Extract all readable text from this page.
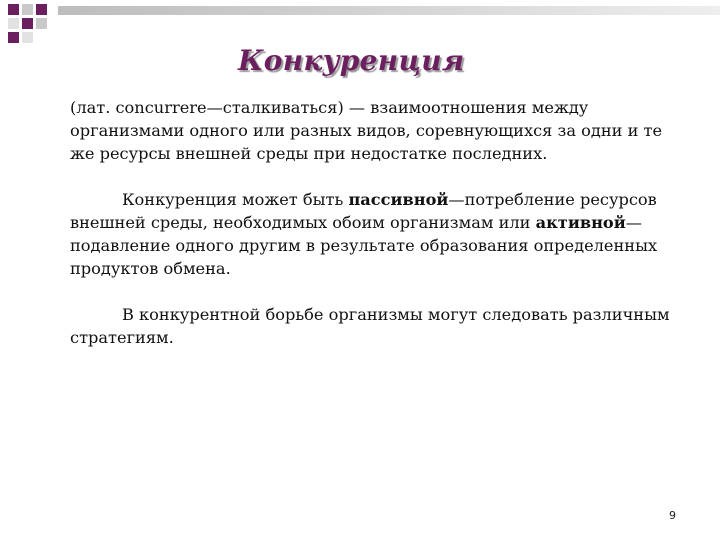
Конкуренция

(лат. concurrere—сталкиваться) — взаимоотношения между организмами одного или разных видов, соревнующихся за одни и те же ресурсы внешней среды при недостатке последних.

Конкуренция может быть пассивной—потребление ресурсов внешней среды, необходимых обоим организмам или активной—подавление одного другим в результате образования определенных продуктов обмена.

В конкурентной борьбе организмы могут следовать различным стратегиям.

9
